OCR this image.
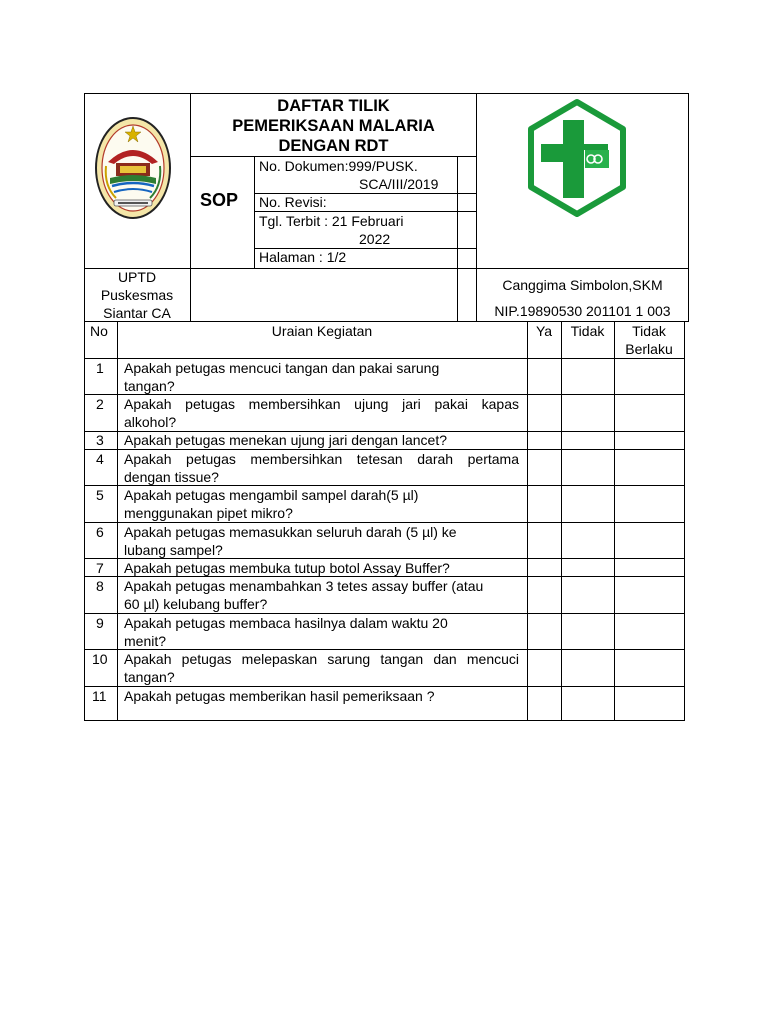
DAFTAR TILIK
PEMERIKSAAN MALARIA
DENGAN RDT
SOP
No. Dokumen:999/PUSK.
SCA/III/2019
No. Revisi:
Tgl. Terbit : 21 Februari
2022
Halaman : 1/2
UPTD
Puskesmas
Siantar CA
Canggima Simbolon,SKM
NIP.19890530 201101 1 003
No	Uraian Kegiatan	Ya	Tidak	Tidak
Berlaku
1 Apakah petugas mencuci tangan dan pakai sarung
tangan?
2 Apakah petugas membersihkan ujung jari pakai kapas
alkohol?
3 Apakah petugas menekan ujung jari dengan lancet?
4 Apakah petugas membersihkan tetesan darah pertama
dengan tissue?
5 Apakah petugas mengambil sampel darah(5 µl)
menggunakan pipet mikro?
6 Apakah petugas memasukkan seluruh darah (5 µl) ke
lubang sampel?
7 Apakah petugas membuka tutup botol Assay Buffer?
8 Apakah petugas menambahkan 3 tetes assay buffer (atau
60 µl) kelubang buffer?
9 Apakah petugas membaca hasilnya dalam waktu 20
menit?
10 Apakah petugas melepaskan sarung tangan dan mencuci
tangan?
11 Apakah petugas memberikan hasil pemeriksaan ?
